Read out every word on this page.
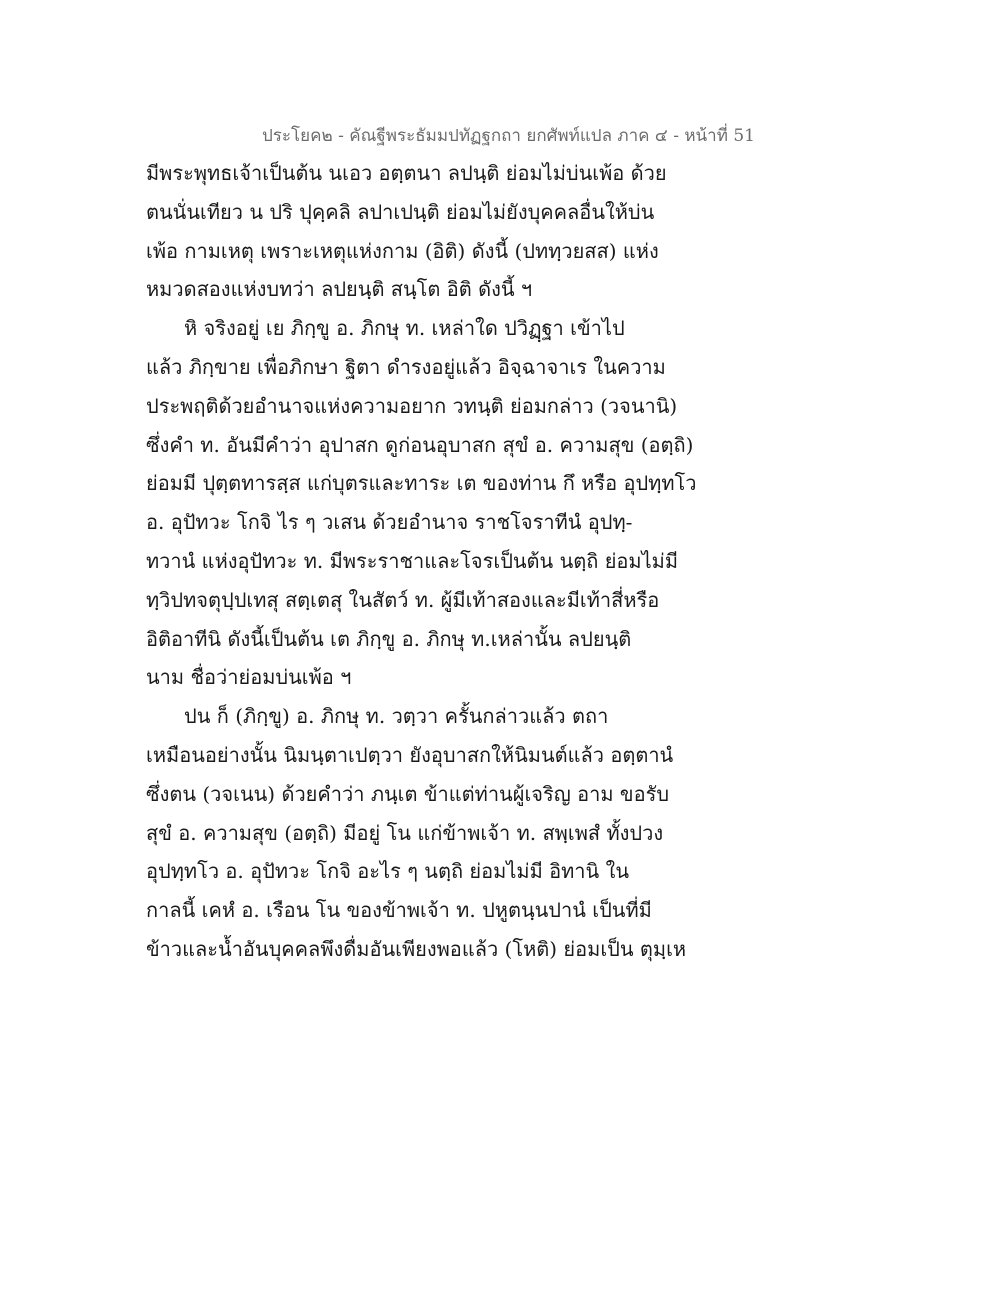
ประโยค๒ - คัณฐีพระธัมมปทัฏฐกถา ยกศัพท์แปล ภาค ๔ - หน้าที่ 51
มีพระพุทธเจ้าเป็นต้น นเอว อตฺตนา ลปนฺติ ย่อมไม่บ่นเพ้อ ด้วย
ตนนั่นเทียว น ปริ ปุคฺคลิ ลปาเปนฺติ ย่อมไม่ยังบุคคลอื่นให้บ่น
เพ้อ กามเหตุ เพราะเหตุแห่งกาม (อิติ) ดังนี้ (ปททฺวยสส) แห่ง
หมวดสองแห่งบทว่า ลปยนฺติ สนฺโต อิติ ดังนี้ ฯ
หิ จริงอยู่ เย ภิกฺขู อ. ภิกษุ ท. เหล่าใด ปวิฏฺฐา เข้าไป
แล้ว ภิกฺขาย เพื่อภิกษา ฐิตา ดำรงอยู่แล้ว อิจฺฉาจาเร ในความ
ประพฤติด้วยอำนาจแห่งความอยาก วทนฺติ ย่อมกล่าว (วจนานิ)
ซึ่งคำ ท. อันมีคำว่า อุปาสก ดูก่อนอุบาสก สุขํ อ. ความสุข (อตฺถิ)
ย่อมมี ปุตฺตทารสฺส แก่บุตรและทาระ เต ของท่าน กึ หรือ อุปทฺทโว
อ. อุปัทวะ โกจิ ไร ๆ วเสน ด้วยอำนาจ ราชโจราทีนํ อุปทฺ-
ทวานํ แห่งอุปัทวะ ท. มีพระราชาและโจรเป็นต้น นตฺถิ ย่อมไม่มี
ทฺวิปทจตุปฺปเทสุ สตฺเตสุ ในสัตว์ ท. ผู้มีเท้าสองและมีเท้าสี่หรือ
อิติอาทีนิ ดังนี้เป็นต้น เต ภิกฺขู อ. ภิกษุ ท.เหล่านั้น ลปยนฺติ
นาม ชื่อว่าย่อมบ่นเพ้อ ฯ
ปน ก็ (ภิกฺขู) อ. ภิกษุ ท. วตฺวา ครั้นกล่าวแล้ว ตถา
เหมือนอย่างนั้น นิมนฺตาเปตฺวา ยังอุบาสกให้นิมนต์แล้ว อตฺตานํ
ซึ่งตน (วจเนน) ด้วยคำว่า ภนฺเต ข้าแต่ท่านผู้เจริญ อาม ขอรับ
สุขํ อ. ความสุข (อตฺถิ) มีอยู่ โน แก่ข้าพเจ้า ท. สพฺเพสํ ทั้งปวง
อุปทฺทโว อ. อุปัทวะ โกจิ อะไร ๆ นตฺถิ ย่อมไม่มี อิทานิ ใน
กาลนี้ เคหํ อ. เรือน โน ของข้าพเจ้า ท. ปหูตนฺนปานํ เป็นที่มี
ข้าวและน้ำอันบุคคลพึงดื่มอันเพียงพอแล้ว (โหติ) ย่อมเป็น ตุมฺเห
